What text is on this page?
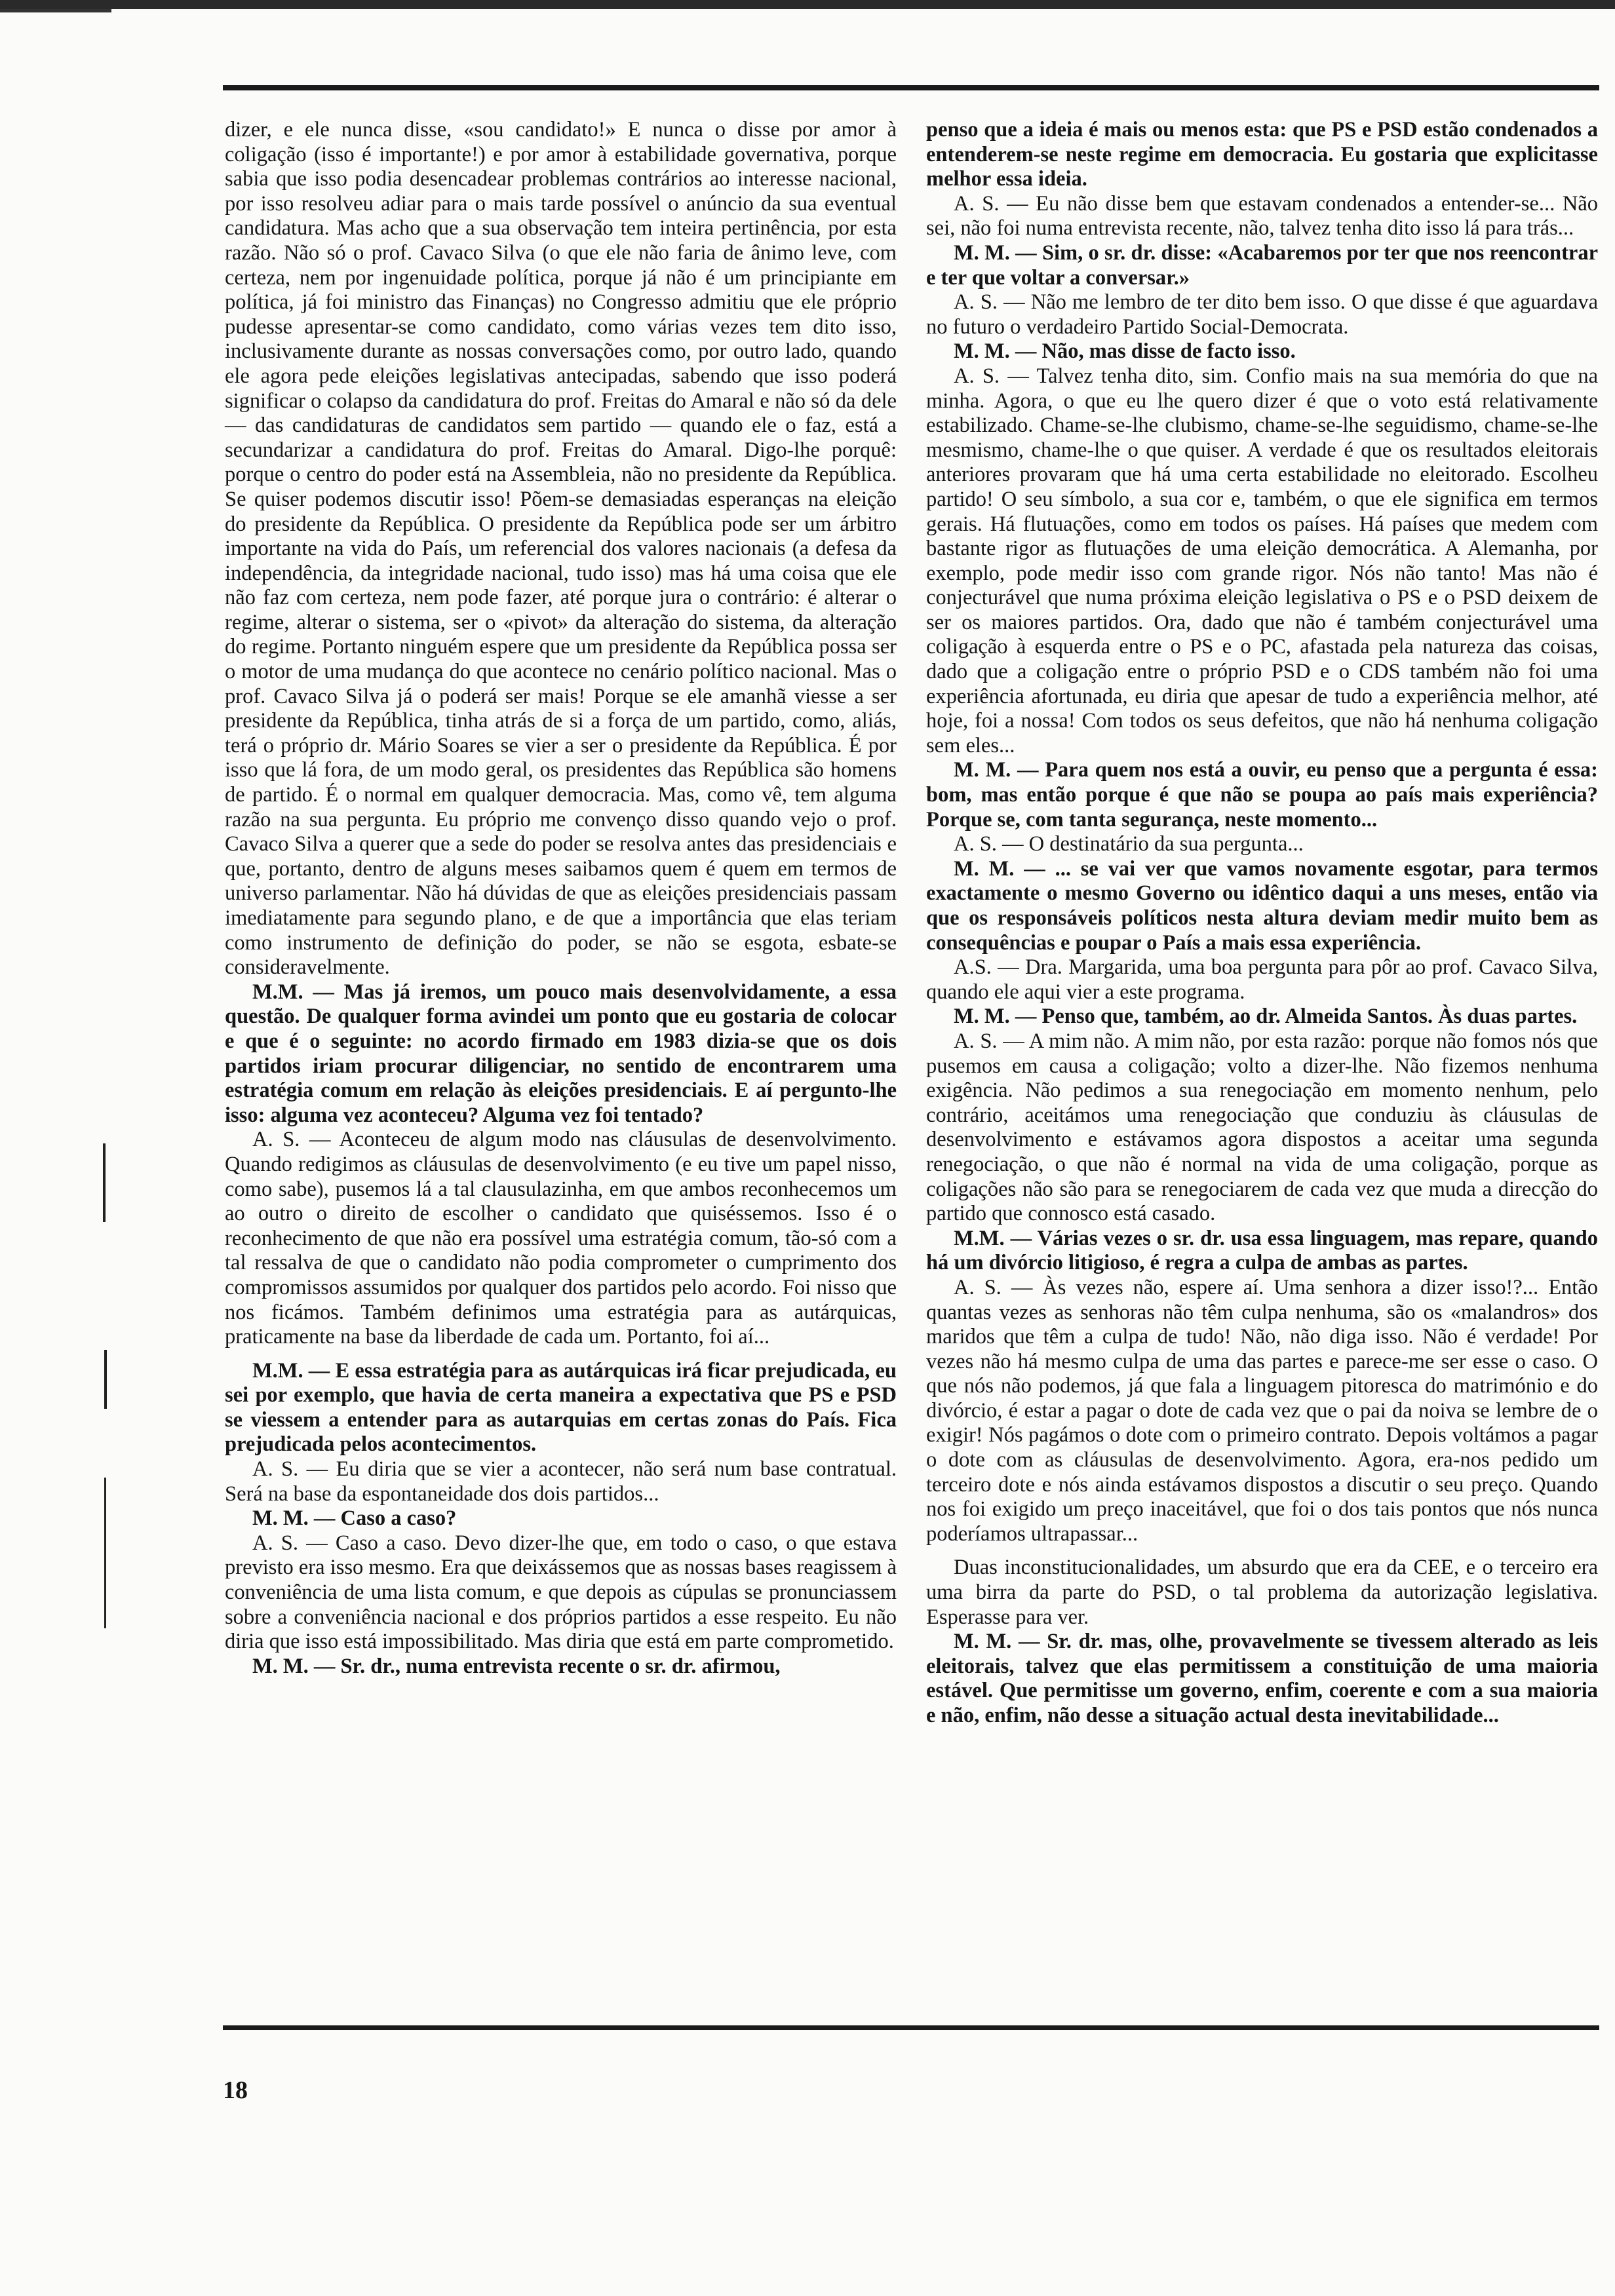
dizer, e ele nunca disse, «sou candidato!» E nunca o disse por amor à coligação (isso é importante!) e por amor à estabilidade governativa, porque sabia que isso podia desencadear problemas contrários ao interesse nacional, por isso resolveu adiar para o mais tarde possível o anúncio da sua eventual candidatura. Mas acho que a sua observação tem inteira pertinência, por esta razão. Não só o prof. Cavaco Silva (o que ele não faria de ânimo leve, com certeza, nem por ingenuidade política, porque já não é um principiante em política, já foi ministro das Finanças) no Congresso admitiu que ele próprio pudesse apresentar-se como candidato, como várias vezes tem dito isso, inclusivamente durante as nossas conversações como, por outro lado, quando ele agora pede eleições legislativas antecipadas, sabendo que isso poderá significar o colapso da candidatura do prof. Freitas do Amaral e não só da dele — das candidaturas de candidatos sem partido — quando ele o faz, está a secundarizar a candidatura do prof. Freitas do Amaral. Digo-lhe porquê: porque o centro do poder está na Assembleia, não no presidente da República. Se quiser podemos discutir isso! Põem-se demasiadas esperanças na eleição do presidente da República. O presidente da República pode ser um árbitro importante na vida do País, um referencial dos valores nacionais (a defesa da independência, da integridade nacional, tudo isso) mas há uma coisa que ele não faz com certeza, nem pode fazer, até porque jura o contrário: é alterar o regime, alterar o sistema, ser o «pivot» da alteração do sistema, da alteração do regime. Portanto ninguém espere que um presidente da República possa ser o motor de uma mudança do que acontece no cenário político nacional. Mas o prof. Cavaco Silva já o poderá ser mais! Porque se ele amanhã viesse a ser presidente da República, tinha atrás de si a força de um partido, como, aliás, terá o próprio dr. Mário Soares se vier a ser o presidente da República. É por isso que lá fora, de um modo geral, os presidentes das República são homens de partido. É o normal em qualquer democracia. Mas, como vê, tem alguma razão na sua pergunta. Eu próprio me convenço disso quando vejo o prof. Cavaco Silva a querer que a sede do poder se resolva antes das presidenciais e que, portanto, dentro de alguns meses saibamos quem é quem em termos de universo parlamentar. Não há dúvidas de que as eleições presidenciais passam imediatamente para segundo plano, e de que a importância que elas teriam como instrumento de definição do poder, se não se esgota, esbate-se consideravelmente.

M.M. — Mas já iremos, um pouco mais desenvolvidamente, a essa questão. De qualquer forma avindei um ponto que eu gostaria de colocar e que é o seguinte: no acordo firmado em 1983 dizia-se que os dois partidos iriam procurar diligenciar, no sentido de encontrarem uma estratégia comum em relação às eleições presidenciais. E aí pergunto-lhe isso: alguma vez aconteceu? Alguma vez foi tentado?

A. S. — Aconteceu de algum modo nas cláusulas de desenvolvimento. Quando redigimos as cláusulas de desenvolvimento (e eu tive um papel nisso, como sabe), pusemos lá a tal clausulazinha, em que ambos reconhecemos um ao outro o direito de escolher o candidato que quiséssemos. Isso é o reconhecimento de que não era possível uma estratégia comum, tão-só com a tal ressalva de que o candidato não podia comprometer o cumprimento dos compromissos assumidos por qualquer dos partidos pelo acordo. Foi nisso que nos ficámos. Também definimos uma estratégia para as autárquicas, praticamente na base da liberdade de cada um. Portanto, foi aí...

M.M. — E essa estratégia para as autárquicas irá ficar prejudicada, eu sei por exemplo, que havia de certa maneira a expectativa que PS e PSD se viessem a entender para as autarquias em certas zonas do País. Fica prejudicada pelos acontecimentos.

A. S. — Eu diria que se vier a acontecer, não será num base contratual. Será na base da espontaneidade dos dois partidos...

M. M. — Caso a caso?

A. S. — Caso a caso. Devo dizer-lhe que, em todo o caso, o que estava previsto era isso mesmo. Era que deixássemos que as nossas bases reagissem à conveniência de uma lista comum, e que depois as cúpulas se pronunciassem sobre a conveniência nacional e dos próprios partidos a esse respeito. Eu não diria que isso está impossibilitado. Mas diria que está em parte comprometido.

M. M. — Sr. dr., numa entrevista recente o sr. dr. afirmou,

penso que a ideia é mais ou menos esta: que PS e PSD estão condenados a entenderem-se neste regime em democracia. Eu gostaria que explicitasse melhor essa ideia.

A. S. — Eu não disse bem que estavam condenados a entender-se... Não sei, não foi numa entrevista recente, não, talvez tenha dito isso lá para trás...

M. M. — Sim, o sr. dr. disse: «Acabaremos por ter que nos reencontrar e ter que voltar a conversar.»

A. S. — Não me lembro de ter dito bem isso. O que disse é que aguardava no futuro o verdadeiro Partido Social-Democrata.

M. M. — Não, mas disse de facto isso.

A. S. — Talvez tenha dito, sim. Confio mais na sua memória do que na minha. Agora, o que eu lhe quero dizer é que o voto está relativamente estabilizado. Chame-se-lhe clubismo, chame-se-lhe seguidismo, chame-se-lhe mesmismo, chame-lhe o que quiser. A verdade é que os resultados eleitorais anteriores provaram que há uma certa estabilidade no eleitorado. Escolheu partido! O seu símbolo, a sua cor e, também, o que ele significa em termos gerais. Há flutuações, como em todos os países. Há países que medem com bastante rigor as flutuações de uma eleição democrática. A Alemanha, por exemplo, pode medir isso com grande rigor. Nós não tanto! Mas não é conjecturável que numa próxima eleição legislativa o PS e o PSD deixem de ser os maiores partidos. Ora, dado que não é também conjecturável uma coligação à esquerda entre o PS e o PC, afastada pela natureza das coisas, dado que a coligação entre o próprio PSD e o CDS também não foi uma experiência afortunada, eu diria que apesar de tudo a experiência melhor, até hoje, foi a nossa! Com todos os seus defeitos, que não há nenhuma coligação sem eles...

M. M. — Para quem nos está a ouvir, eu penso que a pergunta é essa: bom, mas então porque é que não se poupa ao país mais experiência? Porque se, com tanta segurança, neste momento...

A. S. — O destinatário da sua pergunta...

M. M. — ... se vai ver que vamos novamente esgotar, para termos exactamente o mesmo Governo ou idêntico daqui a uns meses, então via que os responsáveis políticos nesta altura deviam medir muito bem as consequências e poupar o País a mais essa experiência.

A.S. — Dra. Margarida, uma boa pergunta para pôr ao prof. Cavaco Silva, quando ele aqui vier a este programa.

M. M. — Penso que, também, ao dr. Almeida Santos. Às duas partes.

A. S. — A mim não. A mim não, por esta razão: porque não fomos nós que pusemos em causa a coligação; volto a dizer-lhe. Não fizemos nenhuma exigência. Não pedimos a sua renegociação em momento nenhum, pelo contrário, aceitámos uma renegociação que conduziu às cláusulas de desenvolvimento e estávamos agora dispostos a aceitar uma segunda renegociação, o que não é normal na vida de uma coligação, porque as coligações não são para se renegociarem de cada vez que muda a direcção do partido que connosco está casado.

M.M. — Várias vezes o sr. dr. usa essa linguagem, mas repare, quando há um divórcio litigioso, é regra a culpa de ambas as partes.

A. S. — Às vezes não, espere aí. Uma senhora a dizer isso!?... Então quantas vezes as senhoras não têm culpa nenhuma, são os «malandros» dos maridos que têm a culpa de tudo! Não, não diga isso. Não é verdade! Por vezes não há mesmo culpa de uma das partes e parece-me ser esse o caso. O que nós não podemos, já que fala a linguagem pitoresca do matrimónio e do divórcio, é estar a pagar o dote de cada vez que o pai da noiva se lembre de o exigir! Nós pagámos o dote com o primeiro contrato. Depois voltámos a pagar o dote com as cláusulas de desenvolvimento. Agora, era-nos pedido um terceiro dote e nós ainda estávamos dispostos a discutir o seu preço. Quando nos foi exigido um preço inaceitável, que foi o dos tais pontos que nós nunca poderíamos ultrapassar...

Duas inconstitucionalidades, um absurdo que era da CEE, e o terceiro era uma birra da parte do PSD, o tal problema da autorização legislativa. Esperasse para ver.

M. M. — Sr. dr. mas, olhe, provavelmente se tivessem alterado as leis eleitorais, talvez que elas permitissem a constituição de uma maioria estável. Que permitisse um governo, enfim, coerente e com a sua maioria e não, enfim, não desse a situação actual desta inevitabilidade...

18
